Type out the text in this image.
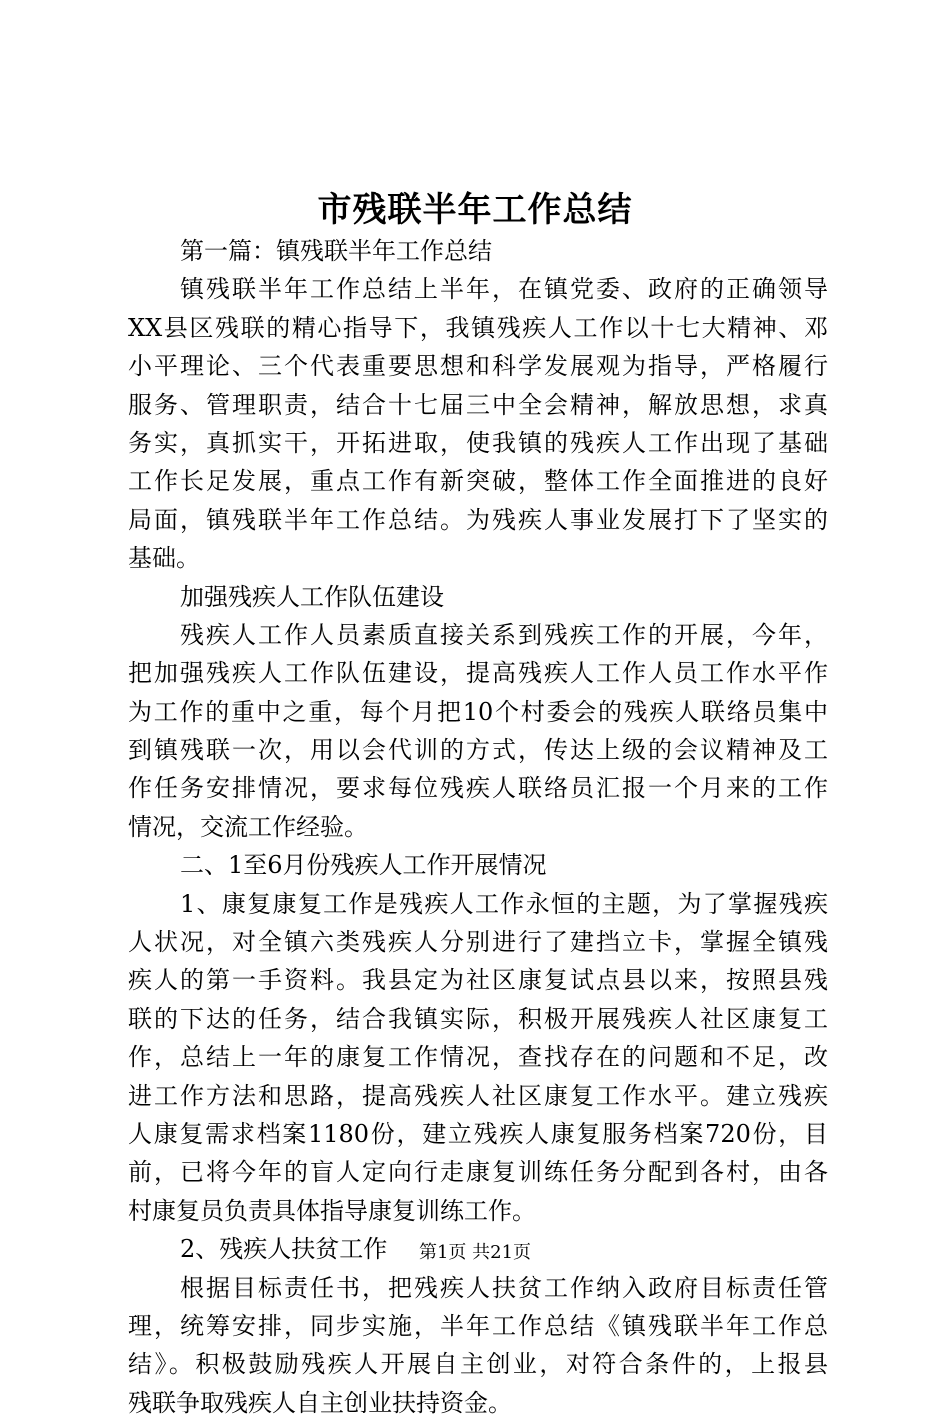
市残联半年工作总结
第一篇：镇残联半年工作总结
镇残联半年工作总结上半年，在镇党委、政府的正确领导
XX县区残联的精心指导下，我镇残疾人工作以十七大精神、邓
小平理论、三个代表重要思想和科学发展观为指导，严格履行
服务、管理职责，结合十七届三中全会精神，解放思想，求真
务实，真抓实干，开拓进取，使我镇的残疾人工作出现了基础
工作长足发展，重点工作有新突破，整体工作全面推进的良好
局面，镇残联半年工作总结。为残疾人事业发展打下了坚实的
基础。
加强残疾人工作队伍建设
残疾人工作人员素质直接关系到残疾工作的开展，今年，
把加强残疾人工作队伍建设，提高残疾人工作人员工作水平作
为工作的重中之重，每个月把10个村委会的残疾人联络员集中
到镇残联一次，用以会代训的方式，传达上级的会议精神及工
作任务安排情况，要求每位残疾人联络员汇报一个月来的工作
情况，交流工作经验。
二、1至6月份残疾人工作开展情况
1、康复康复工作是残疾人工作永恒的主题，为了掌握残疾
人状况，对全镇六类残疾人分别进行了建挡立卡，掌握全镇残
疾人的第一手资料。我县定为社区康复试点县以来，按照县残
联的下达的任务，结合我镇实际，积极开展残疾人社区康复工
作，总结上一年的康复工作情况，查找存在的问题和不足，改
进工作方法和思路，提高残疾人社区康复工作水平。建立残疾
人康复需求档案1180份，建立残疾人康复服务档案720份，目
前，已将今年的盲人定向行走康复训练任务分配到各村，由各
村康复员负责具体指导康复训练工作。
2、残疾人扶贫工作
根据目标责任书，把残疾人扶贫工作纳入政府目标责任管
理，统筹安排，同步实施，半年工作总结《镇残联半年工作总
结》。积极鼓励残疾人开展自主创业，对符合条件的，上报县
残联争取残疾人自主创业扶持资金。
第1页 共21页
